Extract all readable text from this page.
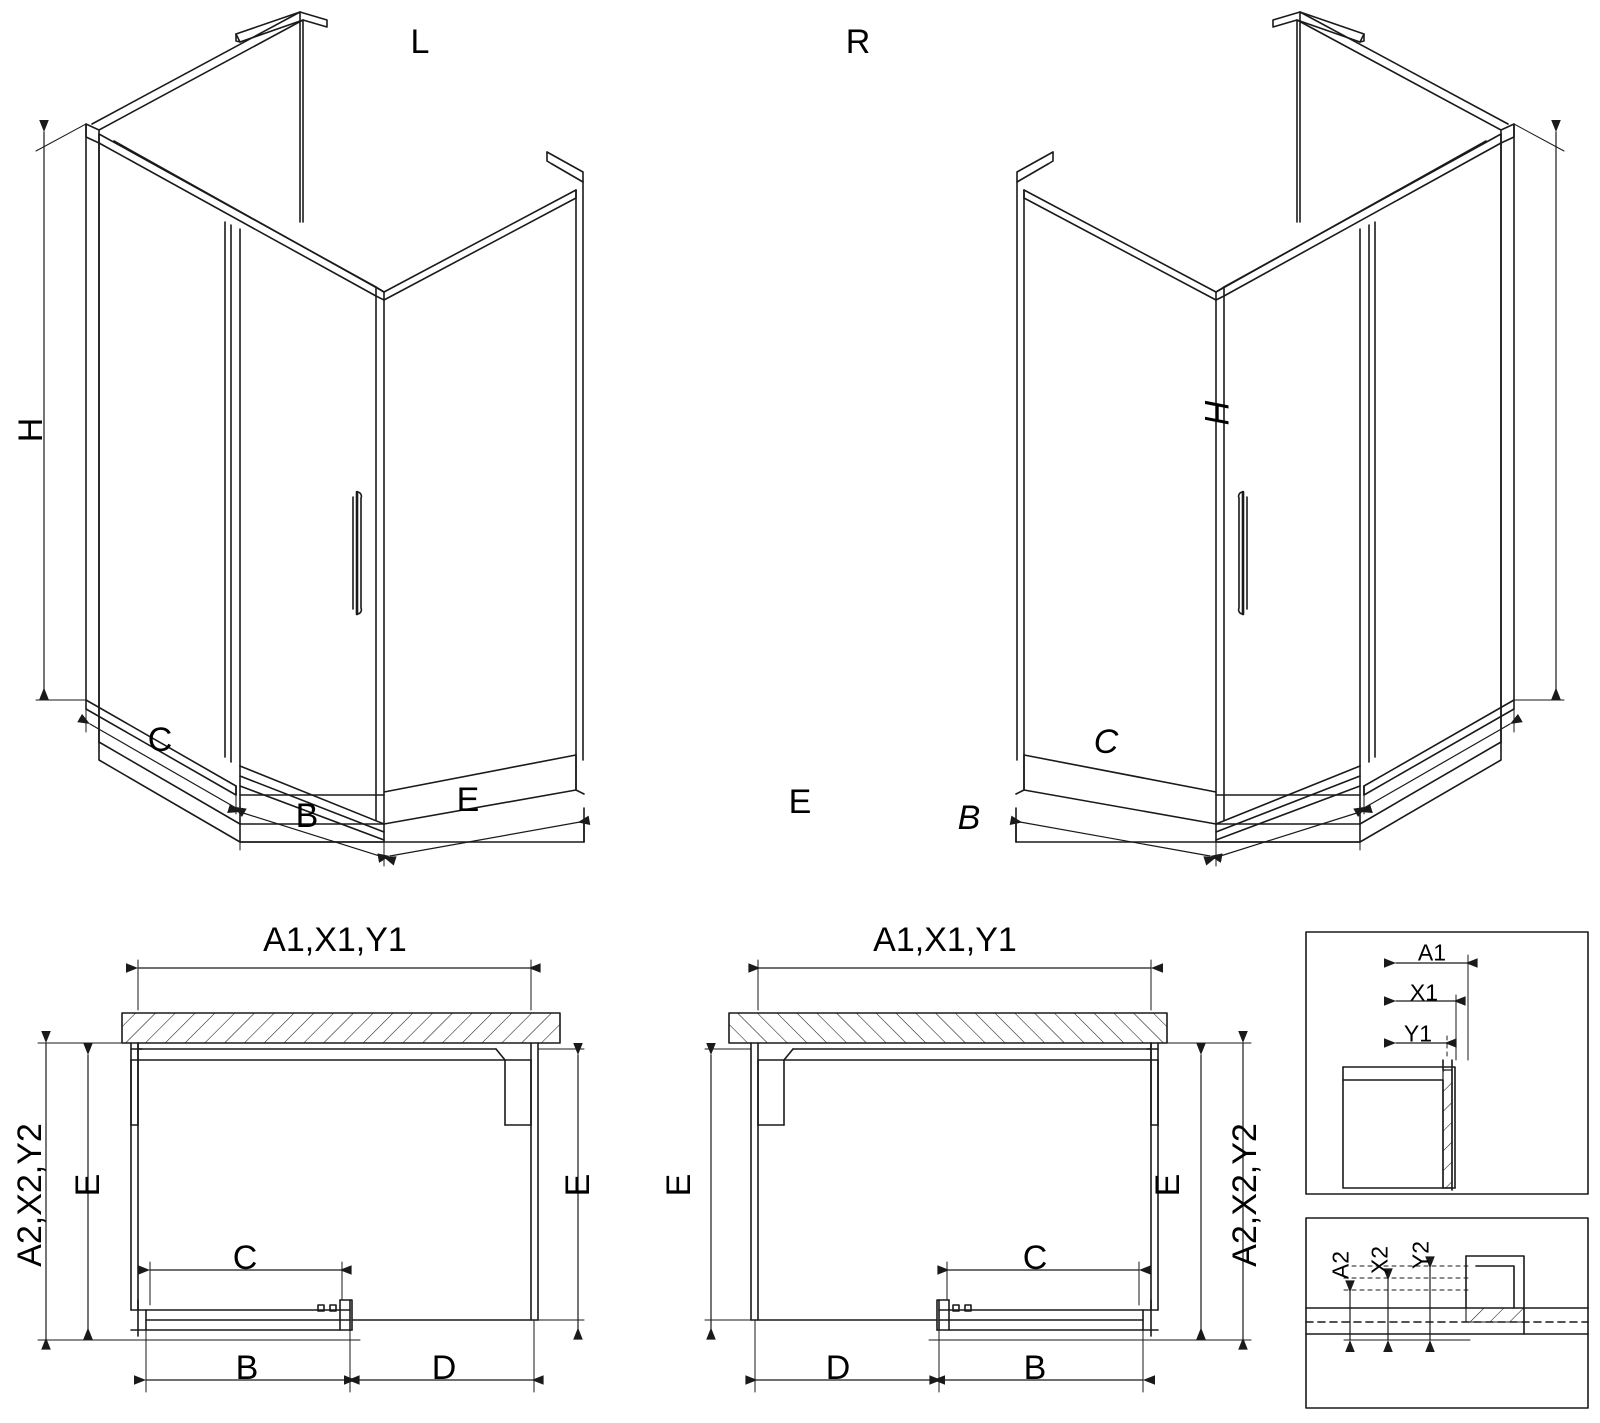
L	R
H
H
C
B	E
C
B
E
A1,X1,Y1	A1,X1,Y1
A2,X2,Y2	A2,X2,Y2
E	E E	E
C	C
B	D	B
D
A1
X1
Y1
A2 X2 Y2
